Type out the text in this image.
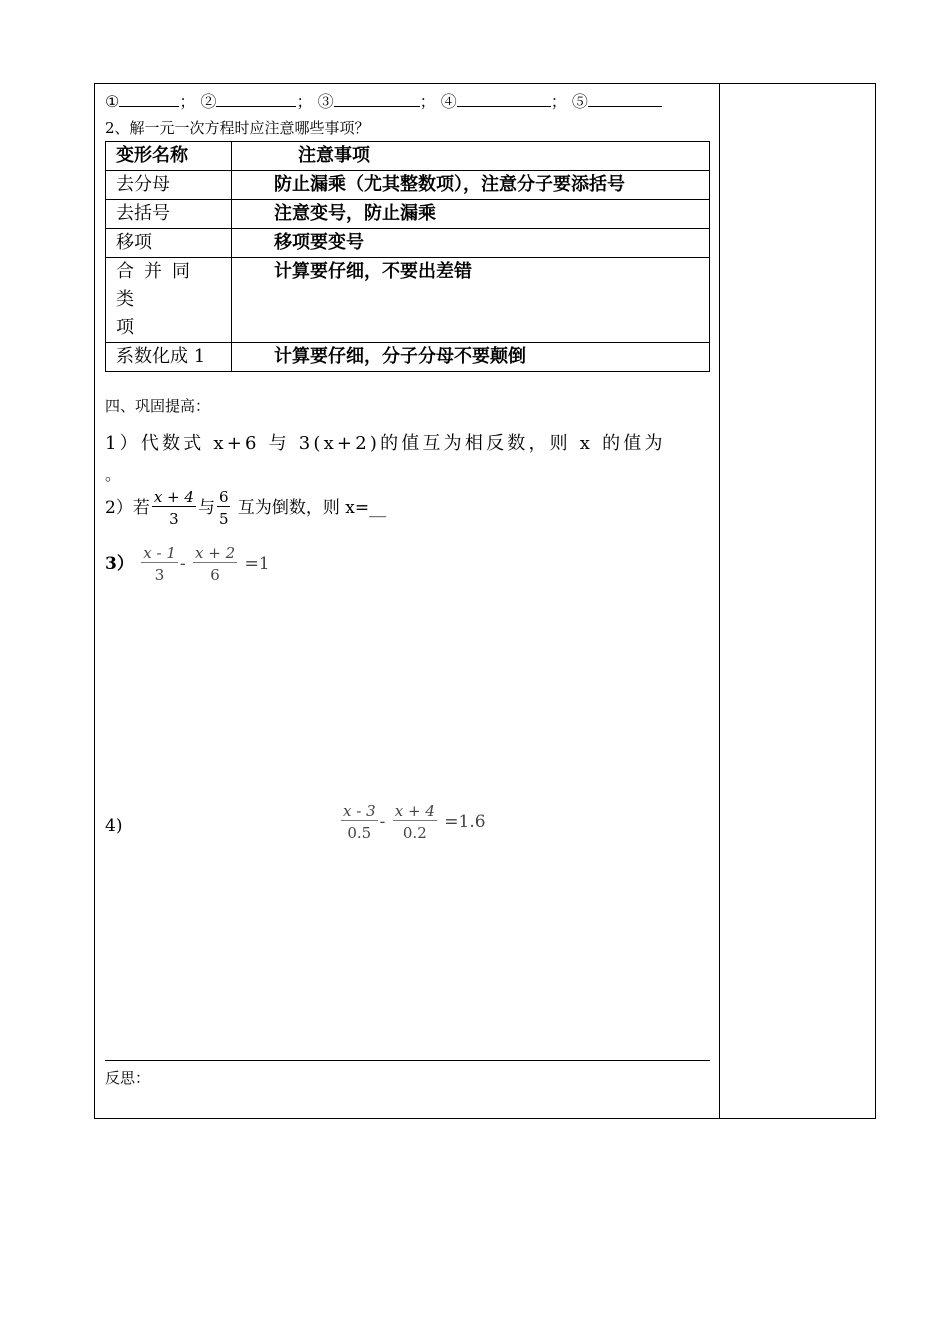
①	； ②	； ③	； ④	； ⑤
2、解一元一次方程时应注意哪些事项？
变形名称	注意事项
去分母	防止漏乘（尤其整数项），注意分子要添括号
去括号	注意变号，防止漏乘
移项	移项要变号

合并同类
项	计算要仔细，不要出差错
系数化成 1	计算要仔细，分子分母不要颠倒
四、巩固提高：
1）代数式 x+6 与 3(x+2)的值互为相反数，则 x 的值为
。
2）若 $\frac{x + 4}{3}$ 与 $\frac{6}{5}$ 互为倒数，则 x=__
$3) \frac{x - 1}{3} - \frac{x + 2}{6} =1$
4)	$\frac{x - 3}{0.5} - \frac{x + 4}{0.2} =1.6$
反思：
